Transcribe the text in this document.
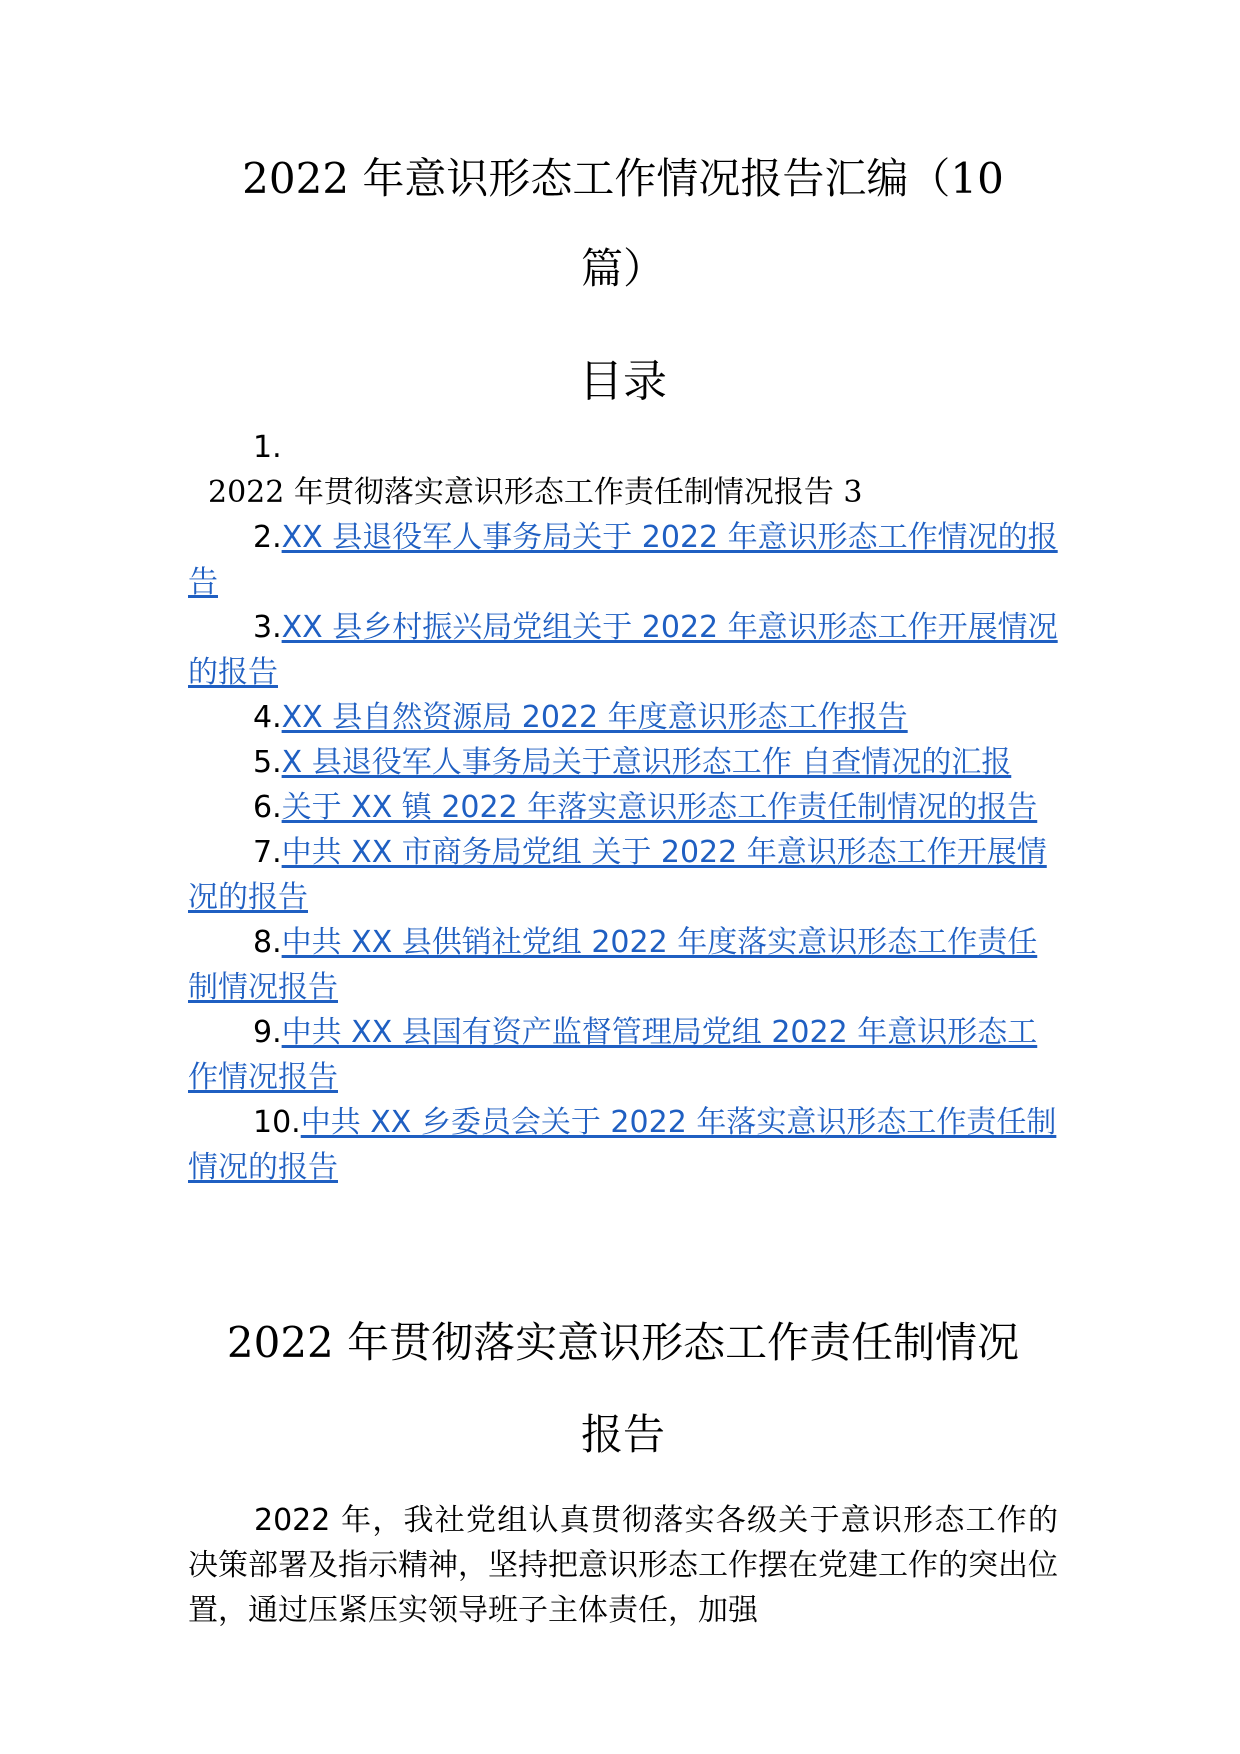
2022 年意识形态工作情况报告汇编（10
篇）
目录

1.
2022 年贯彻落实意识形态工作责任制情况报告 3

2.XX 县退役军人事务局关于 2022 年意识形态工作情况的报告

3.XX 县乡村振兴局党组关于 2022 年意识形态工作开展情况的报告

4.XX 县自然资源局 2022 年度意识形态工作报告

5.X 县退役军人事务局关于意识形态工作 自查情况的汇报

6.关于 XX 镇 2022 年落实意识形态工作责任制情况的报告

7.中共 XX 市商务局党组 关于 2022 年意识形态工作开展情况的报告

8.中共 XX 县供销社党组 2022 年度落实意识形态工作责任制情况报告

9.中共 XX 县国有资产监督管理局党组 2022 年意识形态工作情况报告

10.中共 XX 乡委员会关于 2022 年落实意识形态工作责任制情况的报告

2022 年贯彻落实意识形态工作责任制情况
报告

2022 年，我社党组认真贯彻落实各级关于意识形态工作的决策部署及指示精神，坚持把意识形态工作摆在党建工作的突出位置，通过压紧压实领导班子主体责任，加强
